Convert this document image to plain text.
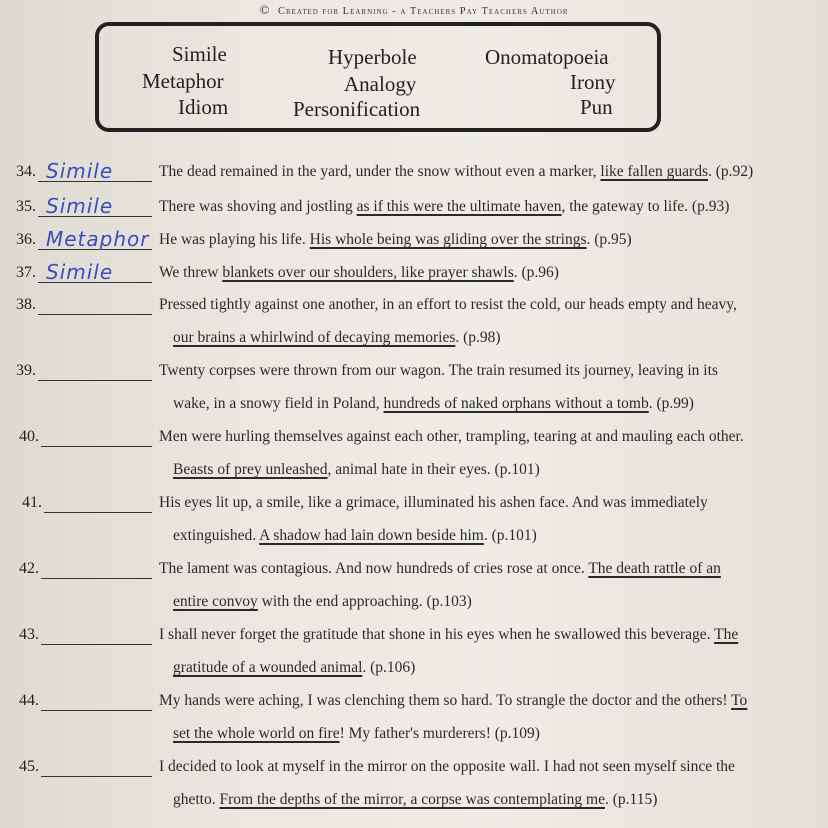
© Created for Learning - a Teachers Pay Teachers Author
Simile	Hyperbole	Onomatopoeia
Metaphor	Analogy	Irony
Idiom	Personification	Pun
34. Simile	The dead remained in the yard, under the snow without even a marker, like fallen guards. (p.92)
35. Simile	There was shoving and jostling as if this were the ultimate haven, the gateway to life. (p.93)
36. Metaphor He was playing his life. His whole being was gliding over the strings. (p.95)
37. Simile	We threw blankets over our shoulders, like prayer shawls. (p.96)
38.	Pressed tightly against one another, in an effort to resist the cold, our heads empty and heavy,
our brains a whirlwind of decaying memories. (p.98)
39.	Twenty corpses were thrown from our wagon. The train resumed its journey, leaving in its
wake, in a snowy field in Poland, hundreds of naked orphans without a tomb. (p.99)
40.	Men were hurling themselves against each other, trampling, tearing at and mauling each other.
Beasts of prey unleashed, animal hate in their eyes. (p.101)
41.	His eyes lit up, a smile, like a grimace, illuminated his ashen face. And was immediately
extinguished. A shadow had lain down beside him. (p.101)
42.	The lament was contagious. And now hundreds of cries rose at once. The death rattle of an
entire convoy with the end approaching. (p.103)
43.	I shall never forget the gratitude that shone in his eyes when he swallowed this beverage. The
gratitude of a wounded animal. (p.106)
44.	My hands were aching, I was clenching them so hard. To strangle the doctor and the others! To
set the whole world on fire! My father's murderers! (p.109)
45.	I decided to look at myself in the mirror on the opposite wall. I had not seen myself since the
ghetto. From the depths of the mirror, a corpse was contemplating me. (p.115)
